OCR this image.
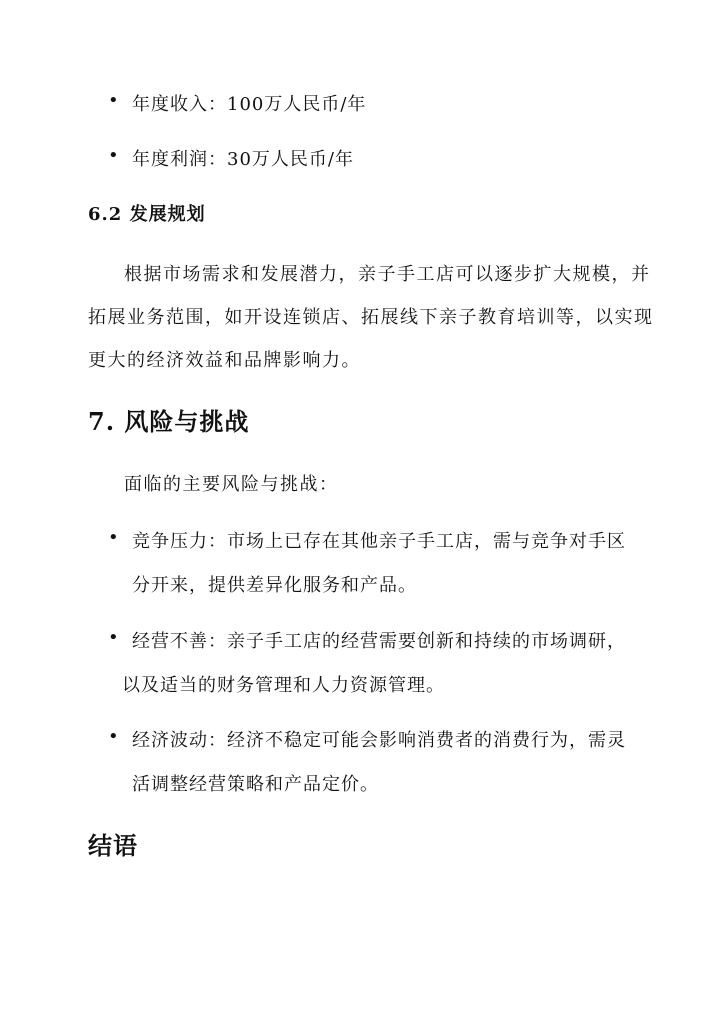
• 年度收入：100万人民币/年
• 年度利润：30万人民币/年
6.2 发展规划
根据市场需求和发展潜力，亲子手工店可以逐步扩大规模，并
拓展业务范围，如开设连锁店、拓展线下亲子教育培训等，以实现
更大的经济效益和品牌影响力。
7. 风险与挑战
面临的主要风险与挑战：
• 竞争压力：市场上已存在其他亲子手工店，需与竞争对手区
分开来，提供差异化服务和产品。
• 经营不善：亲子手工店的经营需要创新和持续的市场调研，
以及适当的财务管理和人力资源管理。
• 经济波动：经济不稳定可能会影响消费者的消费行为，需灵
活调整经营策略和产品定价。
结语
